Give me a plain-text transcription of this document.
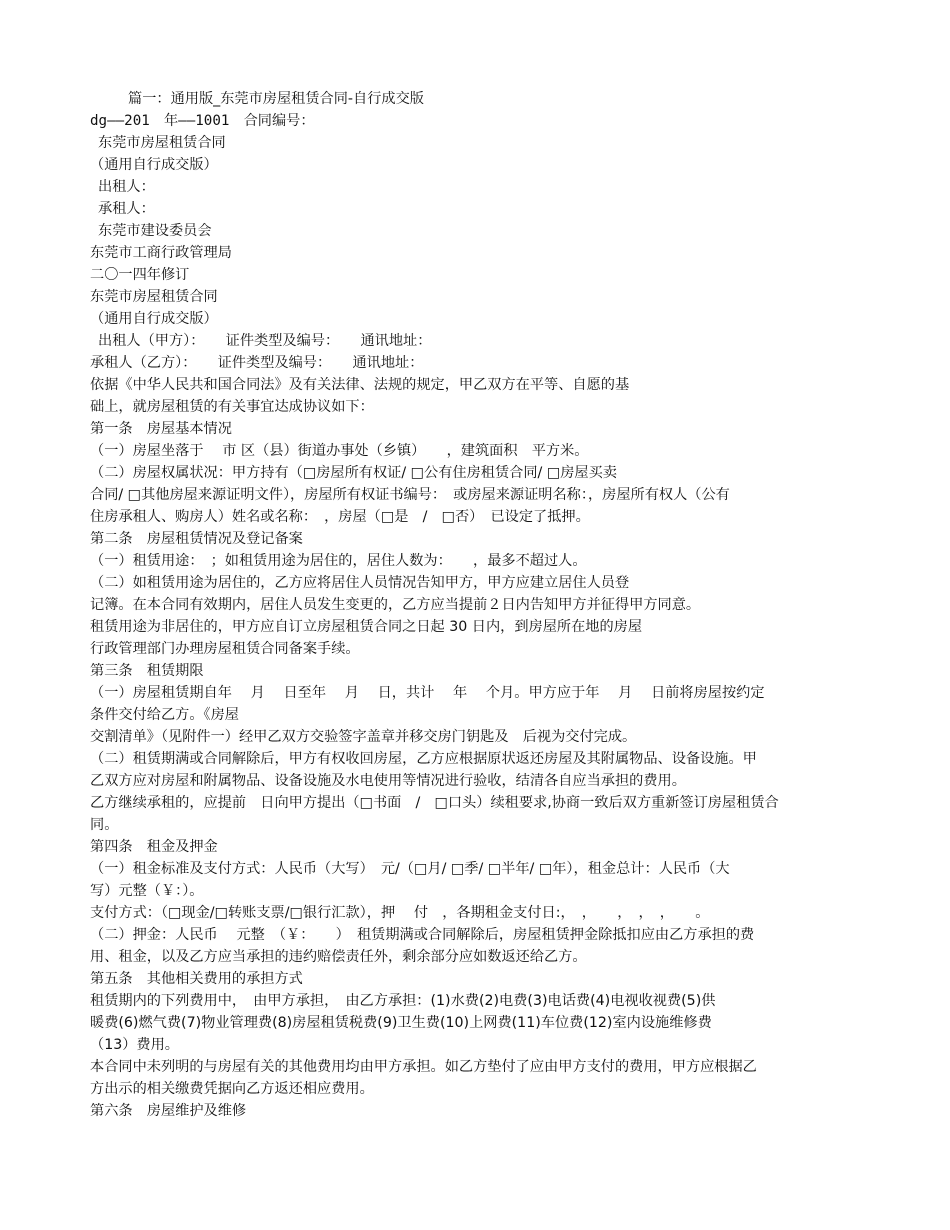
篇一：通用版_东莞市房屋租赁合同-自行成交版
dg——201　年——1001　合同编号：
东莞市房屋租赁合同
（通用自行成交版）
出租人：
承租人：
东莞市建设委员会
东莞市工商行政管理局
二〇一四年修订
东莞市房屋租赁合同
（通用自行成交版）
出租人（甲方）：　　证件类型及编号：　　通讯地址：
承租人（乙方）：　　证件类型及编号：　　通讯地址：
依据《中华人民共和国合同法》及有关法律、法规的规定，甲乙双方在平等、自愿的基
础上，就房屋租赁的有关事宜达成协议如下：
第一条　房屋基本情况
（一）房屋坐落于　 市 区（县）街道办事处（乡镇）　　，建筑面积　平方米。
（二）房屋权属状况：甲方持有（□房屋所有权证/ □公有住房租赁合同/ □房屋买卖
合同/ □其他房屋来源证明文件），房屋所有权证书编号：　或房屋来源证明名称：，房屋所有权人（公有
住房承租人、购房人）姓名或名称：　，房屋（□是　/　□否）　已设定了抵押。
第二条　房屋租赁情况及登记备案
（一）租赁用途：　；如租赁用途为居住的，居住人数为：　　，最多不超过人。
（二）如租赁用途为居住的，乙方应将居住人员情况告知甲方，甲方应建立居住人员登
记簿。在本合同有效期内，居住人员发生变更的，乙方应当提前２日内告知甲方并征得甲方同意。
租赁用途为非居住的，甲方应自订立房屋租赁合同之日起 30 日内，到房屋所在地的房屋
行政管理部门办理房屋租赁合同备案手续。
第三条　租赁期限
（一）房屋租赁期自年　 月　 日至年　 月　 日，共计　 年　 个月。甲方应于年　 月　 日前将房屋按约定
条件交付给乙方。《房屋
交割清单》（见附件一）经甲乙双方交验签字盖章并移交房门钥匙及　后视为交付完成。
（二）租赁期满或合同解除后，甲方有权收回房屋，乙方应根据原状返还房屋及其附属物品、设备设施。甲
乙双方应对房屋和附属物品、设备设施及水电使用等情况进行验收，结清各自应当承担的费用。
乙方继续承租的，应提前　日向甲方提出（□书面　/　□口头）续租要求,协商一致后双方重新签订房屋租赁合
同。
第四条　租金及押金
（一）租金标准及支付方式：人民币（大写）　元/（□月/ □季/ □半年/ □年），租金总计：人民币（大
写）元整（￥：）。
支付方式：（□现金/□转账支票/□银行汇款），押　 付　，各期租金支付日:，　，　　，　，　，　　。
（二）押金：人民币　 元整　（￥：　　）　租赁期满或合同解除后，房屋租赁押金除抵扣应由乙方承担的费
用、租金，以及乙方应当承担的违约赔偿责任外，剩余部分应如数返还给乙方。
第五条　其他相关费用的承担方式
租赁期内的下列费用中，　由甲方承担，　由乙方承担：(1)水费(2)电费(3)电话费(4)电视收视费(5)供
暖费(6)燃气费(7)物业管理费(8)房屋租赁税费(9)卫生费(10)上网费(11)车位费(12)室内设施维修费
（13）费用。
本合同中未列明的与房屋有关的其他费用均由甲方承担。如乙方垫付了应由甲方支付的费用，甲方应根据乙
方出示的相关缴费凭据向乙方返还相应费用。
第六条　房屋维护及维修
